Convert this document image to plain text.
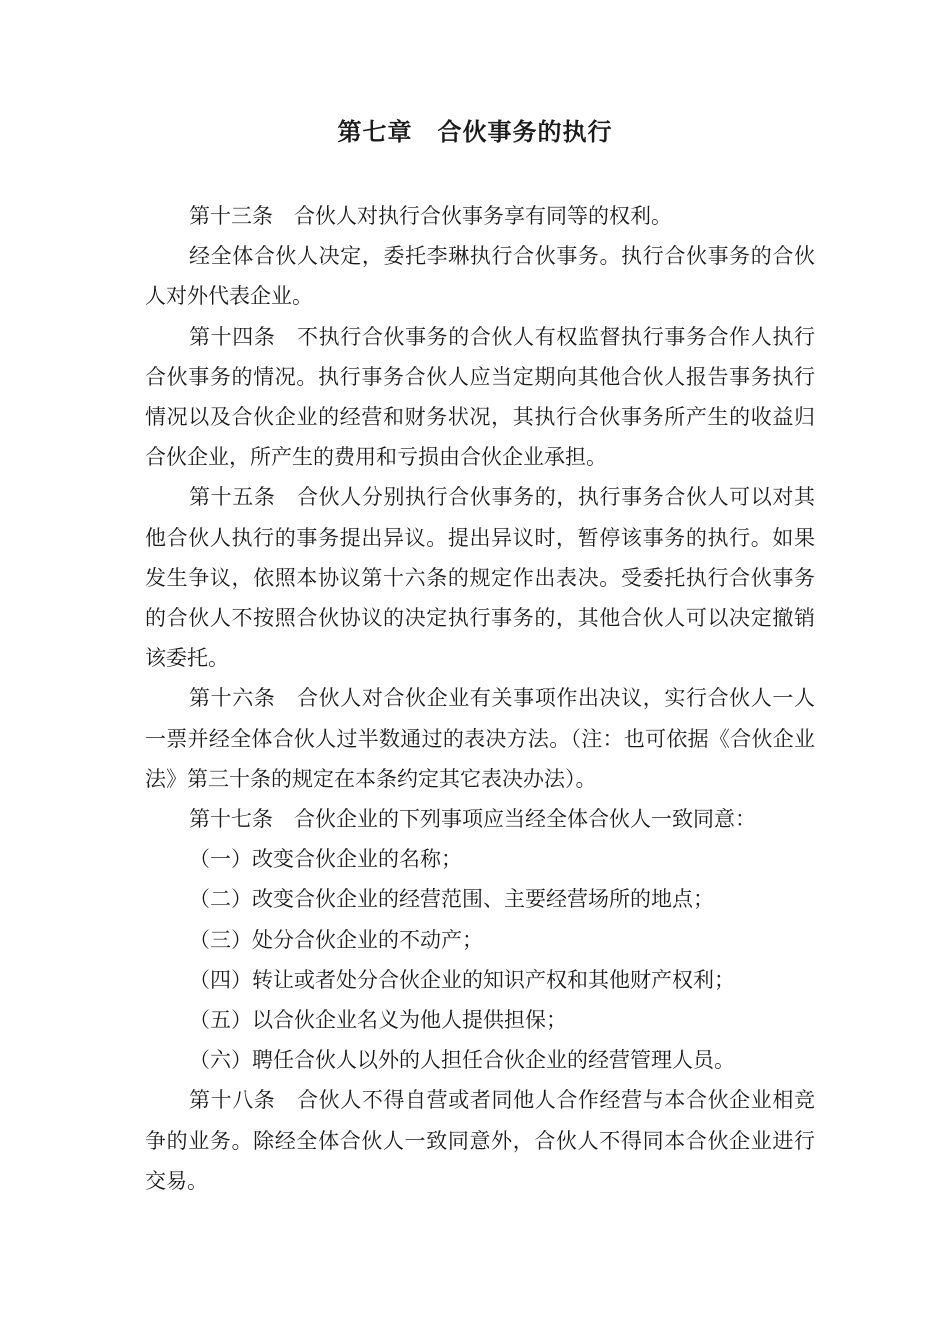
第七章　合伙事务的执行

第十三条　合伙人对执行合伙事务享有同等的权利。

经全体合伙人决定，委托李琳执行合伙事务。执行合伙事务的合伙人对外代表企业。

第十四条　不执行合伙事务的合伙人有权监督执行事务合作人执行合伙事务的情况。执行事务合伙人应当定期向其他合伙人报告事务执行情况以及合伙企业的经营和财务状况，其执行合伙事务所产生的收益归合伙企业，所产生的费用和亏损由合伙企业承担。

第十五条　合伙人分别执行合伙事务的，执行事务合伙人可以对其他合伙人执行的事务提出异议。提出异议时，暂停该事务的执行。如果发生争议，依照本协议第十六条的规定作出表决。受委托执行合伙事务的合伙人不按照合伙协议的决定执行事务的，其他合伙人可以决定撤销该委托。

第十六条　合伙人对合伙企业有关事项作出决议，实行合伙人一人一票并经全体合伙人过半数通过的表决方法。（注：也可依据《合伙企业法》第三十条的规定在本条约定其它表决办法）。

第十七条　合伙企业的下列事项应当经全体合伙人一致同意：

（一）改变合伙企业的名称；

（二）改变合伙企业的经营范围、主要经营场所的地点；

（三）处分合伙企业的不动产；

（四）转让或者处分合伙企业的知识产权和其他财产权利；

（五）以合伙企业名义为他人提供担保；

（六）聘任合伙人以外的人担任合伙企业的经营管理人员。

第十八条　合伙人不得自营或者同他人合作经营与本合伙企业相竞争的业务。除经全体合伙人一致同意外，合伙人不得同本合伙企业进行交易。
